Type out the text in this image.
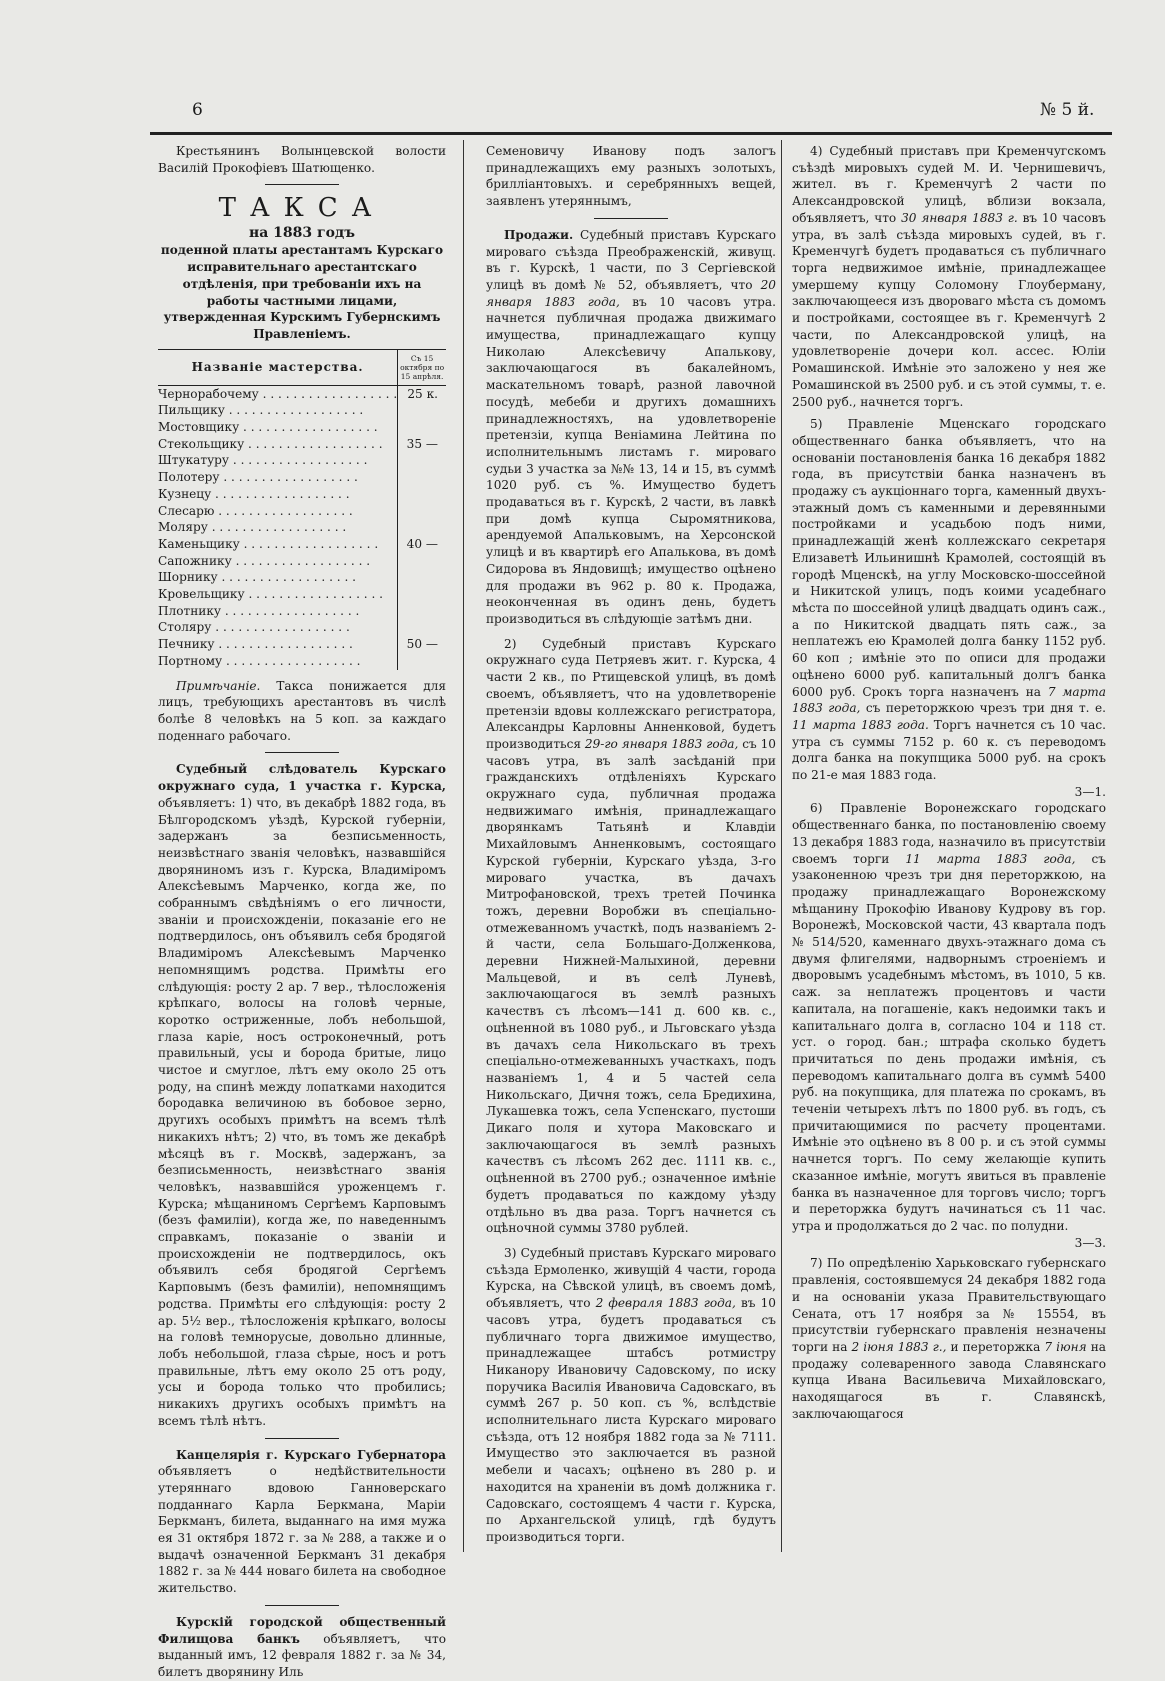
6	№ 5 й.

Крестьянинъ Волынцевской волости Василій Прокофіевъ Шатющенко.

ТАКСА
на 1883 годъ

поденной платы арестантамъ Курскаго исправительнаго арестантскаго отдѣленія, при требованіи ихъ на работы частными лицами, утвержденная Курскимъ Губернскимъ Правленіемъ.

Названіе мастерства.	Съ 15 октября по 15 апрѣля.
Чернорабочему . . .	25 к.
Пильщику . . .	
Мостовщику . . .	
Стекольщику . . .	35 —
Штукатуру . . .	
Полотеру . . .	
Кузнецу . . .	
Слесарю . . .	
Моляру . . .	
Каменьщику . . .	40 —
Сапожнику . . .	
Шорнику . . .	
Кровельщику . . .	
Плотнику . . .	
Столяру . . .	
Печнику . . .	50 —
Портному . . .	

Примѣчаніе. Такса понижается для лицъ, требующихъ арестантовъ въ числѣ болѣе 8 человѣкъ на 5 коп. за каждаго поденнаго рабочаго.

Судебный слѣдователь Курскаго окружнаго суда, 1 участка г. Курска, объявляетъ: 1) что, въ декабрѣ 1882 года, въ Бѣлгородскомъ уѣздѣ, Курской губерніи, задержанъ за безписьменность, неизвѣстнаго званія человѣкъ, назвавшійся дворяниномъ изъ г. Курска, Владиміромъ Алексѣевымъ Марченко, когда же, по собраннымъ свѣдѣніямъ о его личности, званіи и происхожденіи, показаніе его не подтвердилось, онъ объявилъ себя бродягой Владиміромъ Алексѣевымъ Марченко непомнящимъ родства. Примѣты его слѣдующія: росту 2 ар. 7 вер., тѣлосложенія крѣпкаго, волосы на головѣ черные, коротко остриженные, лобъ небольшой, глаза каріе, носъ остроконечный, ротъ правильный, усы и борода бритые, лицо чистое и смуглое, лѣтъ ему около 25 отъ роду, на спинѣ между лопатками находится бородавка величиною въ бобовое зерно, другихъ особыхъ примѣтъ на всемъ тѣлѣ никакихъ нѣтъ; 2) что, въ томъ же декабрѣ мѣсяцѣ въ г. Москвѣ, задержанъ, за безписьменность, неизвѣстнаго званія человѣкъ, назвавшійся уроженцемъ г. Курска; мѣщаниномъ Сергѣемъ Карповымъ (безъ фамиліи), когда же, по наведеннымъ справкамъ, показаніе о званіи и происхожденіи не подтвердилось, окъ объявилъ себя бродягой Сергѣемъ Карповымъ (безъ фамиліи), непомнящимъ родства. Примѣты его слѣдующія: росту 2 ар. 5½ вер., тѣлосложенія крѣпкаго, волосы на головѣ темнорусые, довольно длинные, лобъ небольшой, глаза сѣрые, носъ и ротъ правильные, лѣтъ ему около 25 отъ роду, усы и борода только что пробились; никакихъ другихъ особыхъ примѣтъ на всемъ тѣлѣ нѣтъ.

Канцелярія г. Курскаго Губернатора объявляетъ о недѣйствительности утеряннаго вдовою Ганноверскаго подданнаго Карла Беркмана, Маріи Беркманъ, билета, выданнаго на имя мужа ея 31 октября 1872 г. за № 288, а также и о выдачѣ означенной Беркманъ 31 декабря 1882 г. за № 444 новаго билета на свободное жительство.

Курскій городской общественный Филищова банкъ объявляетъ, что выданный имъ, 12 февраля 1882 г. за № 34, билетъ дворянину Иль

Семеновичу Иванову подъ залогъ принадлежащихъ ему разныхъ золотыхъ, брилліантовыхъ. и серебрянныхъ вещей, заявленъ утеряннымъ,

Продажи. Судебный приставъ Курскаго мироваго съѣзда Преображенскій, живущ. въ г. Курскѣ, 1 части, по 3 Сергіевской улицѣ въ домѣ № 52, объявляетъ, что 20 января 1883 года, въ 10 часовъ утра. начнется публичная продажа движимаго имущества, принадлежащаго купцу Николаю Алексѣевичу Апалькову, заключающагося въ бакалейномъ, маскательномъ товарѣ, разной лавочной посудѣ, мебеби и другихъ домашнихъ принадлежностяхъ, на удовлетвореніе претензіи, купца Веніамина Лейтина по исполнительнымъ листамъ г. мироваго судьи 3 участка за №№ 13, 14 и 15, въ суммѣ 1020 руб. съ %. Имущество будетъ продаваться въ г. Курскѣ, 2 части, въ лавкѣ при домѣ купца Сыромятникова, арендуемой Апальковымъ, на Херсонской улицѣ и въ квартирѣ его Апалькова, въ домѣ Сидорова въ Яндовищѣ; имущество оцѣнено для продажи въ 962 р. 80 к. Продажа, неоконченная въ одинъ день, будетъ производиться въ слѣдующіе затѣмъ дни.

2) Судебный приставъ Курскаго окружнаго суда Петряевъ жит. г. Курска, 4 части 2 кв., по Ртищевской улицѣ, въ домѣ своемъ, объявляетъ, что на удовлетвореніе претензіи вдовы коллежскаго регистратора, Александры Карловны Анненковой, будетъ производиться 29-го января 1883 года, съ 10 часовъ утра, въ залѣ засѣданій при гражданскихъ отдѣленіяхъ Курскаго окружнаго суда, публичная продажа недвижимаго имѣнія, принадлежащаго дворянкамъ Татьянѣ и Клавдіи Михайловымъ Анненковымъ, состоящаго Курской губерніи, Курскаго уѣзда, 3-го мироваго участка, въ дачахъ Митрофановской, трехъ третей Починка тожъ, деревни Воробжи въ спеціально-отмежеванномъ участкѣ, подъ названіемъ 2-й части, села Большаго-Долженкова, деревни Нижней-Малыхиной, деревни Мальцевой, и въ селѣ Луневѣ, заключающагося въ землѣ разныхъ качествъ съ лѣсомъ—141 д. 600 кв. с., оцѣненной въ 1080 руб., и Льговскаго уѣзда въ дачахъ села Никольскаго въ трехъ спеціально-отмежеванныхъ участкахъ, подъ названіемъ 1, 4 и 5 частей села Никольскаго, Дичня тожъ, села Бредихина, Лукашевка тожъ, села Успенскаго, пустоши Дикаго поля и хутора Маковскаго и заключающагося въ землѣ разныхъ качествъ съ лѣсомъ 262 дес. 1111 кв. с., оцѣненной въ 2700 руб.; означенное имѣніе будетъ продаваться по каждому уѣзду отдѣльно въ два раза. Торгъ начнется съ оцѣночной суммы 3780 рублей.

3) Судебный приставъ Курскаго мироваго съѣзда Ермоленко, живущій 4 части, города Курска, на Сѣвской улицѣ, въ своемъ домѣ, объявляетъ, что 2 февраля 1883 года, въ 10 часовъ утра, будетъ продаваться съ публичнаго торга движимое имущество, принадлежащее штабсъ ротмистру Никанору Ивановичу Садовскому, по иску поручика Василія Ивановича Садовскаго, въ суммѣ 267 р. 50 коп. съ %, вслѣдствіе исполнительнаго листа Курскаго мироваго съѣзда, отъ 12 ноября 1882 года за № 7111. Имущество это заключается въ разной мебели и часахъ; оцѣнено въ 280 р. и находится на храненіи въ домѣ должника г. Садовскаго, состоящемъ 4 части г. Курска, по Архангельской улицѣ, гдѣ будутъ производиться торги.

4) Судебный приставъ при Кременчугскомъ съѣздѣ мировыхъ судей М. И. Чернишевичъ, жител. въ г. Кременчугѣ 2 части по Александровской улицѣ, вблизи вокзала, объявляетъ, что 30 января 1883 г. въ 10 часовъ утра, въ залѣ съѣзда мировыхъ судей, въ г. Кременчугѣ будетъ продаваться съ публичнаго торга недвижимое имѣніе, принадлежащее умершему купцу Соломону Глоуберману, заключающееся изъ двороваго мѣста съ домомъ и постройками, состоящее въ г. Кременчугѣ 2 части, по Александровской улицѣ, на удовлетвореніе дочери кол. ассес. Юліи Ромашинской. Имѣніе это заложено у нея же Ромашинской въ 2500 руб. и съ этой суммы, т. е. 2500 руб., начнется торгъ.

5) Правленіе Мценскаго городскаго общественнаго банка объявляетъ, что на основаніи постановленія банка 16 декабря 1882 года, въ присутствіи банка назначенъ въ продажу съ аукціоннаго торга, каменный двухъ-этажный домъ съ каменными и деревянными постройками и усадьбою подъ ними, принадлежащій женѣ коллежскаго секретаря Елизаветѣ Ильинишнѣ Крамолей, состоящій въ городѣ Мценскѣ, на углу Московско-шоссейной и Никитской улицъ, подъ коими усадебнаго мѣста по шоссейной улицѣ двадцать одинъ саж., а по Никитской двадцать пять саж., за неплатежъ ею Крамолей долга банку 1152 руб. 60 коп ; имѣніе это по описи для продажи оцѣнено 6000 руб. капитальный долгъ банка 6000 руб. Срокъ торга назначенъ на 7 марта 1883 года, съ переторжкою чрезъ три дня т. е. 11 марта 1883 года. Торгъ начнется съ 10 час. утра съ суммы 7152 р. 60 к. съ переводомъ долга банка на покупщика 5000 руб. на срокъ по 21-е мая 1883 года.

3—1.

6) Правленіе Воронежскаго городскаго общественнаго банка, по постановленію своему 13 декабря 1883 года, назначило въ присутствіи своемъ торги 11 марта 1883 года, съ узаконенною чрезъ три дня переторжкою, на продажу принадлежащаго Воронежскому мѣщанину Прокофію Иванову Кудрову въ гор. Воронежѣ, Московской части, 43 квартала подъ № 514/520, каменнаго двухъ-этажнаго дома съ двумя флигелями, надворнымъ строеніемъ и дворовымъ усадебнымъ мѣстомъ, въ 1010, 5 кв. саж. за неплатежъ процентовъ и части капитала, на погашеніе, какъ недоимки такъ и капитальнаго долга в, согласно 104 и 118 ст. уст. о город. бан.; штрафа сколько будетъ причитаться по день продажи имѣнія, съ переводомъ капитальнаго долга въ суммѣ 5400 руб. на покупщика, для платежа по срокамъ, въ теченіи четырехъ лѣтъ по 1800 руб. въ годъ, съ причитающимися по расчету процентами. Имѣніе это оцѣнено въ 8 00 р. и съ этой суммы начнется торгъ. По сему желающіе купить сказанное имѣніе, могутъ явиться въ правленіе банка въ назначенное для торговъ число; торгъ и переторжка будутъ начинаться съ 11 час. утра и продолжаться до 2 час. по полудни.

3—3.

7) По опредѣленію Харьковскаго губернскаго правленія, состоявшемуся 24 декабря 1882 года и на основаніи указа Правительствующаго Сената, отъ 17 ноября за № 15554, въ присутствіи губернскаго правленія незначены торги на 2 іюня 1883 г., и переторжка 7 іюня на продажу солеваренного завода Славянскаго купца Ивана Васильевича Михайловскаго, находящагося въ г. Славянскѣ, заключающагося
